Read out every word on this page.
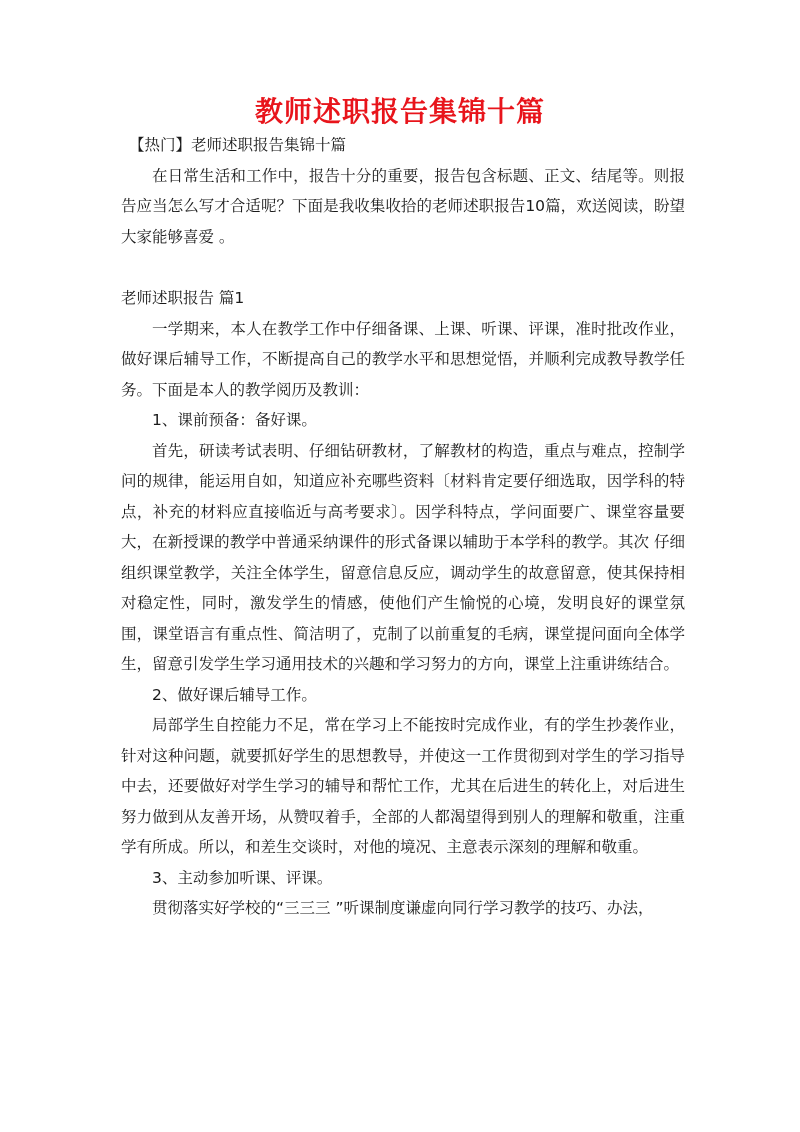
教师述职报告集锦十篇

【热门】老师述职报告集锦十篇

在日常生活和工作中，报告十分的重要，报告包含标题、正文、结尾等。则报告应当怎么写才合适呢？下面是我收集收拾的老师述职报告10篇，欢送阅读，盼望大家能够喜爱 。

老师述职报告 篇1

一学期来，本人在教学工作中仔细备课、上课、听课、评课，准时批改作业，做好课后辅导工作，不断提高自己的教学水平和思想觉悟，并顺利完成教导教学任务。下面是本人的教学阅历及教训：

1、课前预备：备好课。

首先，研读考试表明、仔细钻研教材，了解教材的构造，重点与难点，控制学问的规律，能运用自如，知道应补充哪些资料〔材料肯定要仔细选取，因学科的特点，补充的材料应直接临近与高考要求〕。因学科特点，学问面要广、课堂容量要大，在新授课的教学中普通采纳课件的形式备课以辅助于本学科的教学。其次 仔细组织课堂教学，关注全体学生，留意信息反应，调动学生的故意留意，使其保持相对稳定性，同时，激发学生的情感，使他们产生愉悦的心境，发明良好的课堂氛围，课堂语言有重点性、简洁明了，克制了以前重复的毛病，课堂提问面向全体学生，留意引发学生学习通用技术的兴趣和学习努力的方向，课堂上注重讲练结合。

2、做好课后辅导工作。

局部学生自控能力不足，常在学习上不能按时完成作业，有的学生抄袭作业，针对这种问题，就要抓好学生的思想教导，并使这一工作贯彻到对学生的学习指导中去，还要做好对学生学习的辅导和帮忙工作，尤其在后进生的转化上，对后进生努力做到从友善开场，从赞叹着手，全部的人都渴望得到别人的理解和敬重，注重学有所成。所以，和差生交谈时，对他的境况、主意表示深刻的理解和敬重。

3、主动参加听课、评课。

贯彻落实好学校的“三三三 ”听课制度谦虚向同行学习教学的技巧、办法，
